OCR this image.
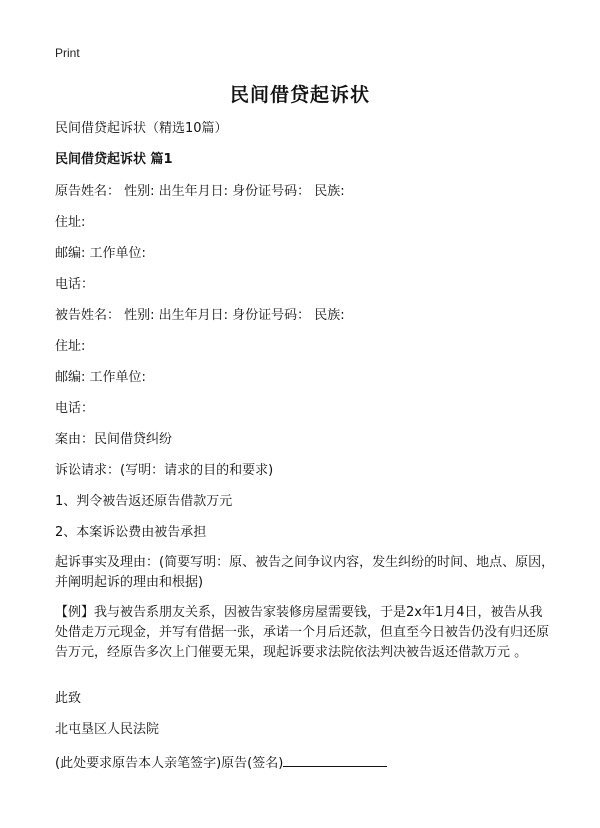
Print
民间借贷起诉状
民间借贷起诉状（精选10篇）
民间借贷起诉状 篇1
原告姓名： 性别: 出生年月日: 身份证号码： 民族:
住址:
邮编: 工作单位:
电话：
被告姓名： 性别: 出生年月日: 身份证号码： 民族:
住址:
邮编: 工作单位:
电话：
案由：民间借贷纠纷
诉讼请求：(写明：请求的目的和要求)
1、判令被告返还原告借款万元
2、本案诉讼费由被告承担
起诉事实及理由：(简要写明：原、被告之间争议内容，发生纠纷的时间、地点、原因，并阐明起诉的理由和根据)
【例】我与被告系朋友关系，因被告家装修房屋需要钱，于是2x年1月4日，被告从我处借走万元现金，并写有借据一张，承诺一个月后还款，但直至今日被告仍没有归还原告万元，经原告多次上门催要无果，现起诉要求法院依法判决被告返还借款万元 。
此致
北屯垦区人民法院
(此处要求原告本人亲笔签字)原告(签名)
